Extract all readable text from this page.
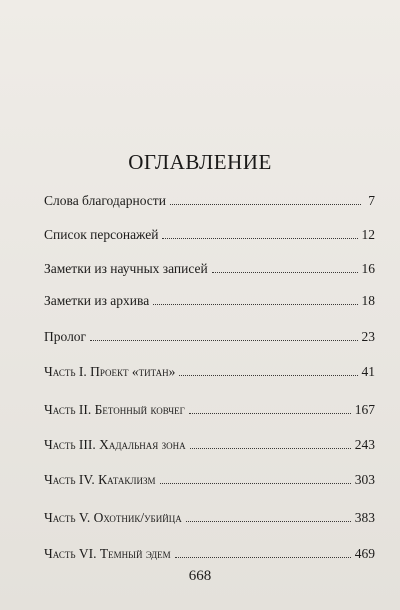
ОГЛАВЛЕНИЕ
Слова благодарности	7
Список персонажей	12
Заметки из научных записей	16
Заметки из архива	18
Пролог	23
Часть I. Проект «титан»	41
Часть II. Бетонный ковчег	167
Часть III. Хадальная зона	243
Часть IV. Катаклизм	303
Часть V. Охотник/убийца	383
Часть VI. Темный эдем	469
668
